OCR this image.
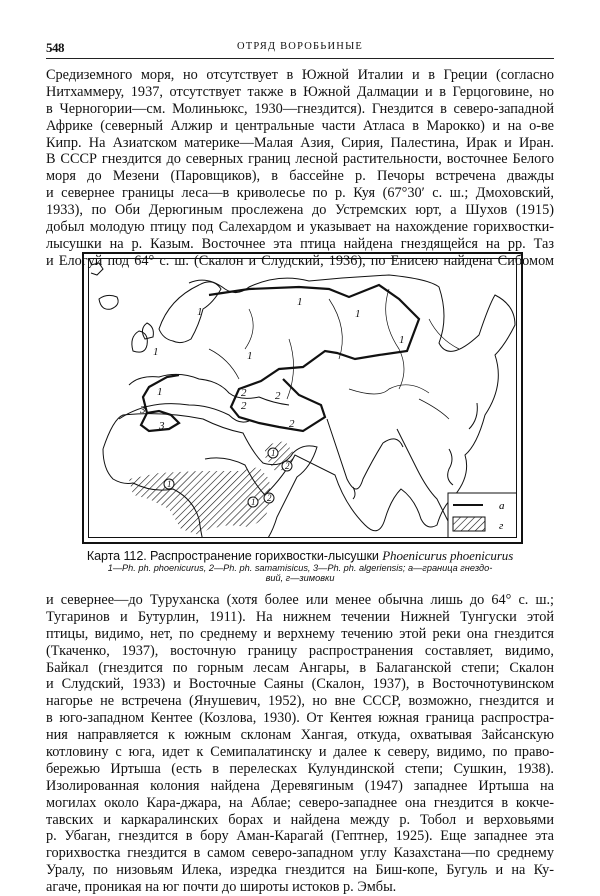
548	ОТРЯД ВОРОБЬИНЫЕ
Средиземного моря, но отсутствует в Южной Италии и в Греции (согласно
Нитхаммеру, 1937, отсутствует также в Южной Далмации и в Герцоговине, но
в Черногории—см. Молиньюкс, 1930—гнездится). Гнездится в северо-западной
Африке (северный Алжир и центральные части Атласа в Марокко) и на о-ве
Кипр. На Азиатском материке—Малая Азия, Сирия, Палестина, Ирак и Иран.
В СССР гнездится до северных границ лесной растительности, восточнее Белого
моря до Мезени (Паровщиков), в бассейне р. Печоры встречена дважды
и севернее границы леса—в криволесье по р. Куя (67°30′ с. ш.; Дмоховский,
1933), по Оби Дерюгиным прослежена до Устремских юрт, а Шухов (1915)
добыл молодую птицу под Салехардом и указывает на нахождение горихвостки-
лысушки на р. Казым. Восточнее эта птица найдена гнездящейся на рр. Таз
и Елогуй под 64° с. ш. (Скалон и Слудский, 1936), по Енисею найдена Сибомом
1
1
1
1
1	1
1
3
3
2	2
2
2
1
2
1
1 2
а
г
Карта 112. Распространение горихвостки-лысушки Phoenicurus phoenicurus
1—Ph. ph. phoenicurus, 2—Ph. ph. samamisicus, 3—Ph. ph. algeriensis; а—граница гнездо-
вий, г—зимовки
и севернее—до Туруханска (хотя более или менее обычна лишь до 64° с. ш.;
Тугаринов и Бутурлин, 1911). На нижнем течении Нижней Тунгуски этой
птицы, видимо, нет, по среднему и верхнему течению этой реки она гнездится
(Ткаченко, 1937), восточную границу распространения составляет, видимо,
Байкал (гнездится по горным лесам Ангары, в Балаганской степи; Скалон
и Слудский, 1933) и Восточные Саяны (Скалон, 1937), в Восточнотувинском
нагорье не встречена (Янушевич, 1952), но вне СССР, возможно, гнездится и
в юго-западном Кентее (Козлова, 1930). От Кентея южная граница распростра-
ния направляется к южным склонам Хангая, откуда, охватывая Зайсанскую
котловину с юга, идет к Семипалатинску и далее к северу, видимо, по право-
бережью Иртыша (есть в перелесках Кулундинской степи; Сушкин, 1938).
Изолированная колония найдена Деревягиным (1947) западнее Иртыша на
могилах около Кара-джара, на Аблае; северо-западнее она гнездится в кокче-
тавских и каркаралинских борах и найдена между р. Тобол и верховьями
р. Убаган, гнездится в бору Аман-Карагай (Гептнер, 1925). Еще западнее эта
горихвостка гнездится в самом северо-западном углу Казахстана—по среднему
Уралу, по низовьям Илека, изредка гнездится на Биш-копе, Бугуль и на Ку-
агаче, проникая на юг почти до широты истоков р. Эмбы.
